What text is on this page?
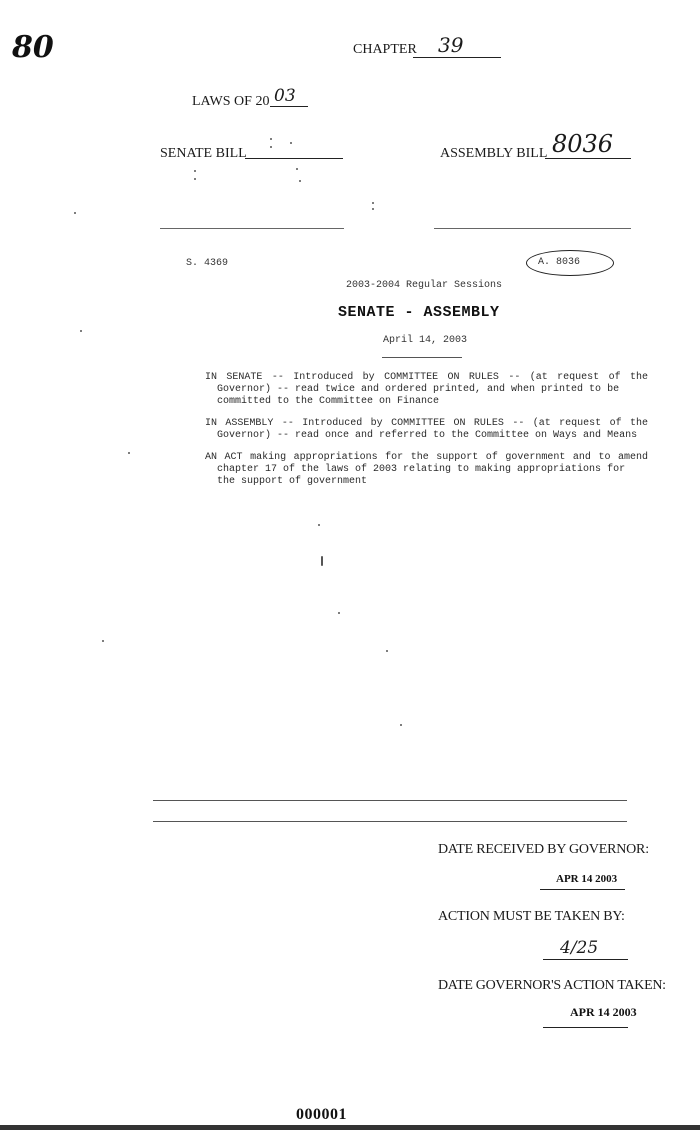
80	CHAPTER 39
LAWS OF 20 03
SENATE BILL	ASSEMBLY BILL 8036
S. 4369	A. 8036
2003-2004 Regular Sessions
SENATE - ASSEMBLY
April 14, 2003
IN SENATE -- Introduced by COMMITTEE ON RULES -- (at request of the
Governor) -- read twice and ordered printed, and when printed to be
committed to the Committee on Finance
IN ASSEMBLY -- Introduced by COMMITTEE ON RULES -- (at request of the
Governor) -- read once and referred to the Committee on Ways and Means
AN ACT making appropriations for the support of government and to amend
chapter 17 of the laws of 2003 relating to making appropriations for
the support of government
DATE RECEIVED BY GOVERNOR:
APR 14 2003
ACTION MUST BE TAKEN BY:
4/25
DATE GOVERNOR'S ACTION TAKEN:
APR 14 2003
000001
